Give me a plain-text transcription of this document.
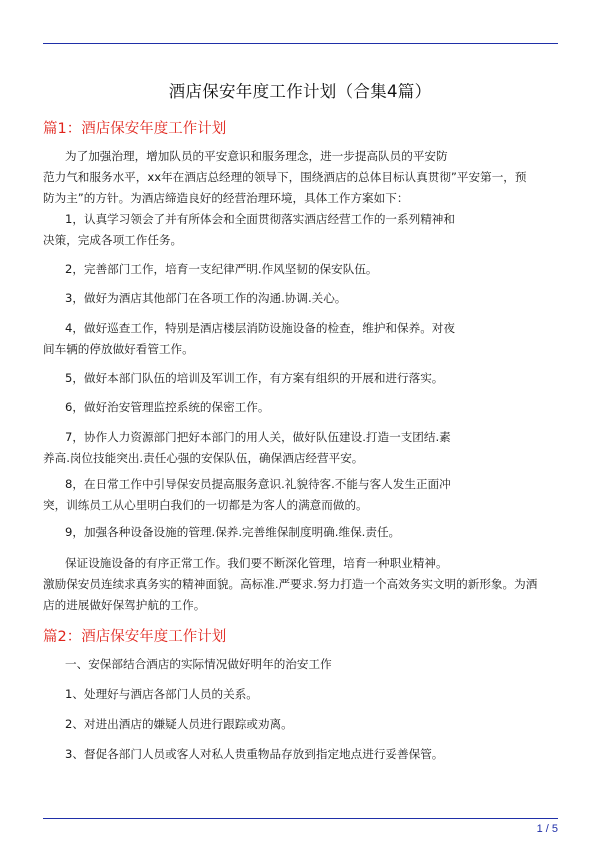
酒店保安年度工作计划（合集4篇）
篇1：酒店保安年度工作计划

为了加强治理，增加队员的平安意识和服务理念，进一步提高队员的平安防

范力气和服务水平，xx年在酒店总经理的领导下，围绕酒店的总体目标认真贯彻”平安第一，预

防为主”的方针。为酒店缔造良好的经营治理环境，具体工作方案如下：

1，认真学习领会了并有所体会和全面贯彻落实酒店经营工作的一系列精神和

决策，完成各项工作任务。

2，完善部门工作，培育一支纪律严明.作风坚韧的保安队伍。

3，做好为酒店其他部门在各项工作的沟通.协调.关心。

4，做好巡查工作，特别是酒店楼层消防设施设备的检查，维护和保养。对夜

间车辆的停放做好看管工作。

5，做好本部门队伍的培训及军训工作，有方案有组织的开展和进行落实。

6，做好治安管理监控系统的保密工作。

7，协作人力资源部门把好本部门的用人关，做好队伍建设.打造一支团结.素

养高.岗位技能突出.责任心强的安保队伍，确保酒店经营平安。

8，在日常工作中引导保安员提高服务意识.礼貌待客.不能与客人发生正面冲

突，训练员工从心里明白我们的一切都是为客人的满意而做的。

9，加强各种设备设施的管理.保养.完善维保制度明确.维保.责任。

保证设施设备的有序正常工作。我们要不断深化管理，培育一种职业精神。

激励保安员连续求真务实的精神面貌。高标准.严要求.努力打造一个高效务实文明的新形象。为酒

店的进展做好保驾护航的工作。

篇2：酒店保安年度工作计划

一、安保部结合酒店的实际情况做好明年的治安工作

1、处理好与酒店各部门人员的关系。

2、对进出酒店的嫌疑人员进行跟踪或劝离。

3、督促各部门人员或客人对私人贵重物品存放到指定地点进行妥善保管。

1 / 5
